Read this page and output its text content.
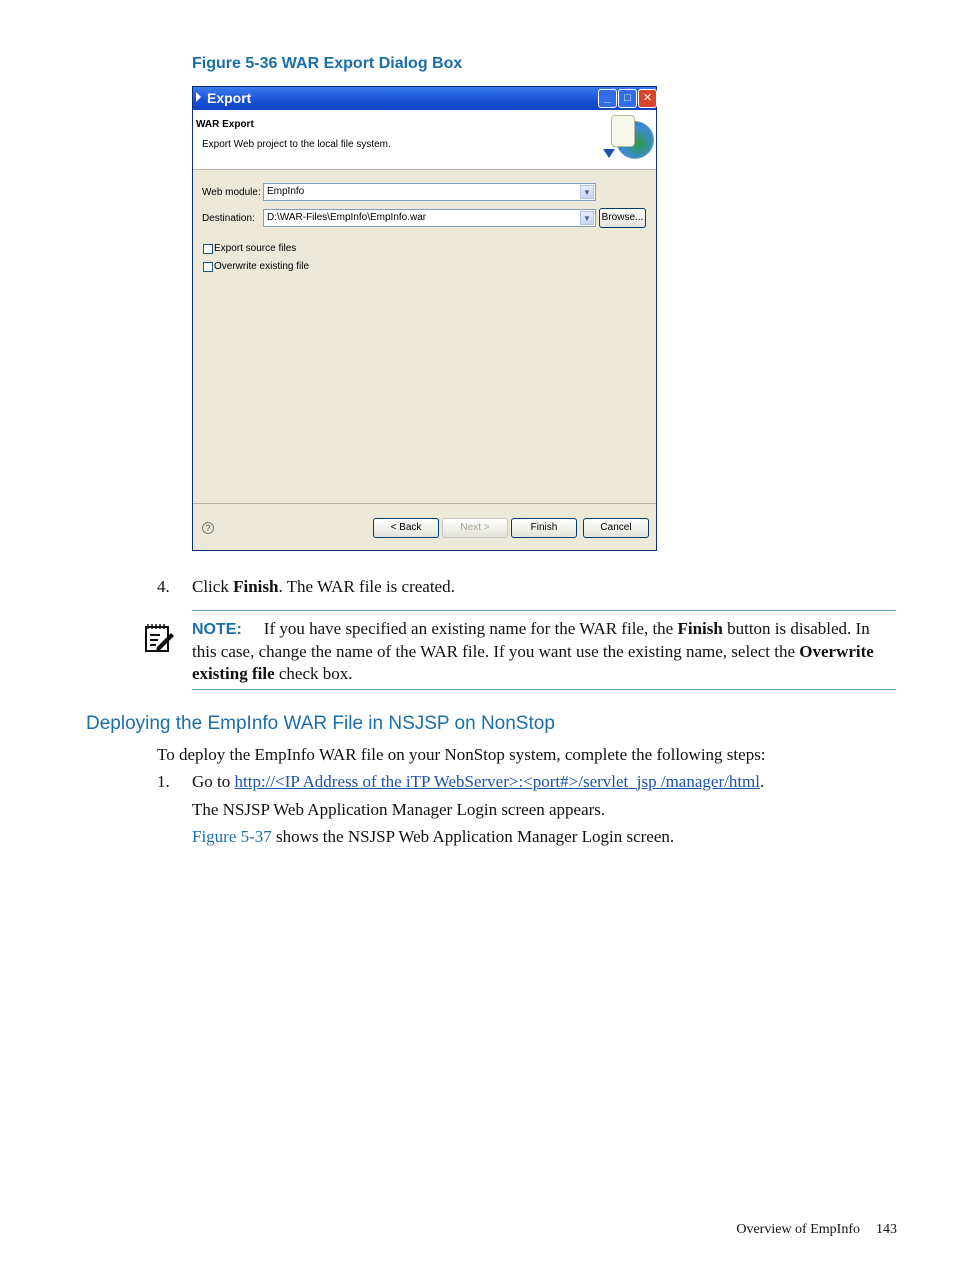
Figure 5-36 WAR Export Dialog Box
Export	_	□	✕
WAR Export
Export Web project to the local file system.
Web module: EmpInfo	▼
Destination: D:\WAR-Files\EmpInfo\EmpInfo.war	▼	Browse...
Export source files
Overwrite existing file
?	< Back	Next >	Finish	Cancel
4. Click Finish. The WAR file is created.
NOTE: If you have specified an existing name for the WAR file, the Finish button is disabled. In this case, change the name of the WAR file. If you want use the existing name, select the Overwrite existing file check box.
Deploying the EmpInfo WAR File in NSJSP on NonStop
To deploy the EmpInfo WAR file on your NonStop system, complete the following steps:
1. Go to http://<IP Address of the iTP WebServer>:<port#>/servlet_jsp /manager/html.
The NSJSP Web Application Manager Login screen appears.
Figure 5-37 shows the NSJSP Web Application Manager Login screen.
Overview of EmpInfo 143
